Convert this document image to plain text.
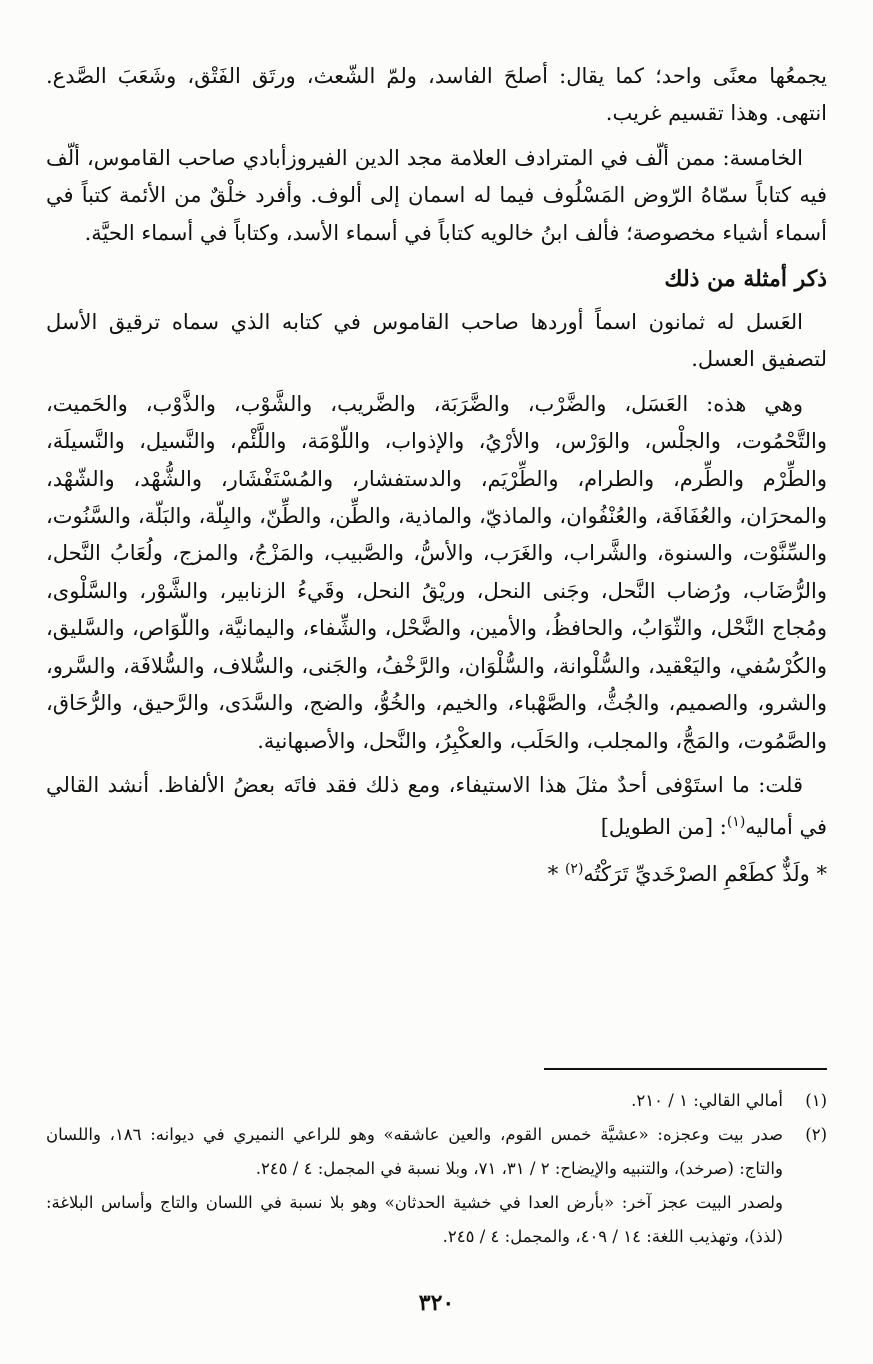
يجمعُها معنًى واحد؛ كما يقال: أصلحَ الفاسد، ولمّ الشّعث، ورتَق الفَتْق، وشَعَبَ الصَّدع. انتهى. وهذا تقسيم غريب.

الخامسة: ممن ألّف في المترادف العلامة مجد الدين الفيروزأبادي صاحب القاموس، ألّف فيه كتاباً سمّاهُ الرّوض المَسْلُوف فيما له اسمان إلى ألوف. وأفرد خلْقٌ من الأئمة كتباً في أسماء أشياء مخصوصة؛ فألف ابنُ خالويه كتاباً في أسماء الأسد، وكتاباً في أسماء الحيَّة.

ذكر أمثلة من ذلك

العَسل له ثمانون اسماً أوردها صاحب القاموس في كتابه الذي سماه ترقيق الأسل لتصفيق العسل.

وهي هذه: العَسَل، والضَّرْب، والضَّرَبَة، والضَّريب، والشَّوْب، والذَّوْب، والحَميت، والتَّحْمُوت، والجلْس، والوَرْس، والأرْيُ، والإذواب، واللّوْمَة، واللَّئْم، والنَّسيل، والنَّسيلَة، والطِّرْم والطِّرم، والطرام، والطِّرْيَم، والدستفشار، والمُسْتَفْشَار، والشُّهْد، والشّهْد، والمحرَان، والعُفَافَة، والعُنْفُوان، والماذيّ، والماذية، والطِّن، والطِّنّ، والبِلّة، والبَلّة، والسَّنُوت، والسِّنَّوْت، والسنوة، والشَّراب، والغَرَب، والأسُّ، والصَّبيب، والمَزْجُ، والمزج، ولُعَابُ النَّحل، والرُّضَاب، ورُضاب النَّحل، وجَنى النحل، وريْقُ النحل، وقَيءُ الزنابير، والشَّوْر، والسَّلْوى، ومُجاج النَّحْل، والثّوَابُ، والحافظُ، والأمين، والضَّحْل، والشِّفاء، واليمانيَّة، واللّوَاص، والسَّليق، والكُرْسُفي، واليَعْقيد، والسُّلْوانة، والسُّلْوَان، والرَّخْفُ، والجَنى، والسُّلاف، والسُّلافَة، والسَّرو، والشرو، والصميم، والجُثُّ، والصَّهْباء، والخيم، والخُوُّ، والضج، والسَّدَى، والرَّحيق، والرُّحَاق، والصَّمُوت، والمَجُّ، والمجلب، والحَلَب، والعكْبِرُ، والنَّحل، والأصبهانية.

قلت: ما استَوْفى أحدٌ مثلَ هذا الاستيفاء، ومع ذلك فقد فاتَه بعضُ الألفاظ. أنشد القالي في أماليه$^{(١)}$: [من الطويل]

* ولَذٌّ كطَعْمِ الصرْخَديِّ تَرَكْتُه$^{(٢)}$ *

(١)

أمالي القالي: ١ / ٢١٠.

(٢)

صدر بيت وعجزه: «عشيَّة خمس القوم، والعين عاشقه» وهو للراعي النميري في ديوانه: ١٨٦، واللسان والتاج: (صرخد)، والتنبيه والإيضاح: ٢ / ٣١، ٧١، وبلا نسبة في المجمل: ٤ / ٢٤٥.

ولصدر البيت عجز آخر: «بأرض العدا في خشية الحدثان» وهو بلا نسبة في اللسان والتاج وأساس البلاغة: (لذذ)، وتهذيب اللغة: ١٤ / ٤٠٩، والمجمل: ٤ / ٢٤٥.

٣٢٠
